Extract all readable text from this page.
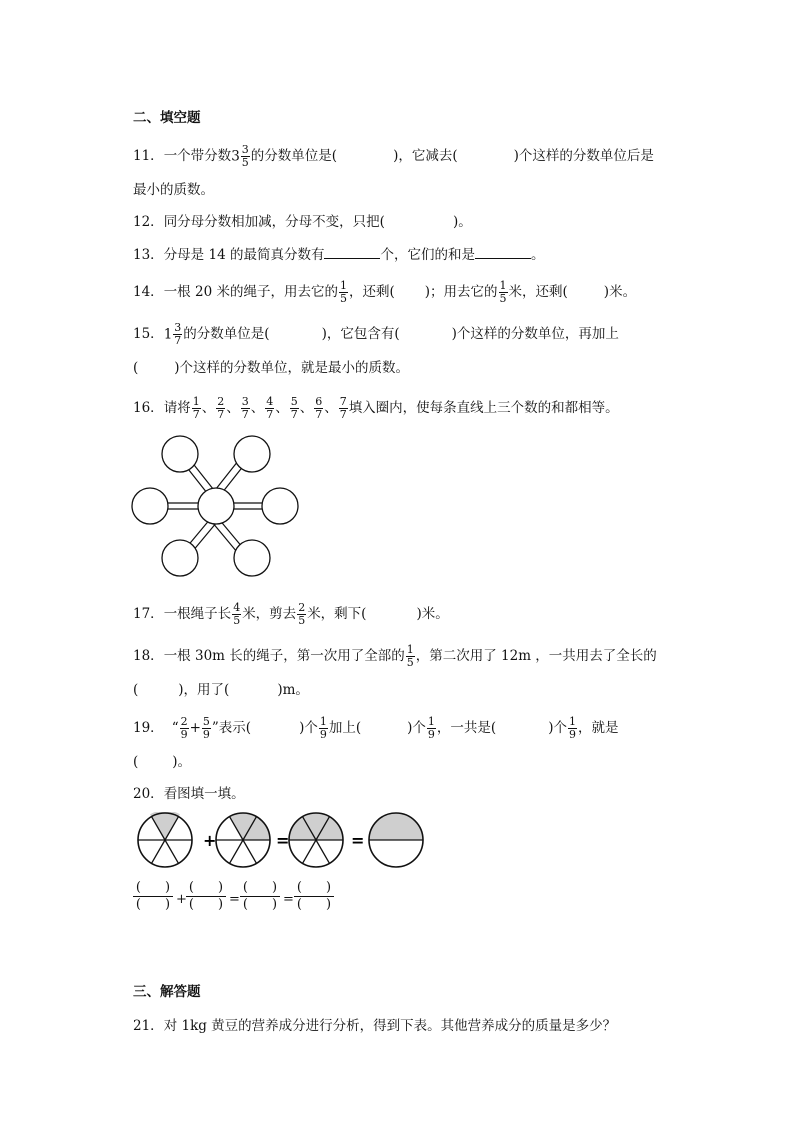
二、填空题
11．一个带分数$3 \frac{3}{5}$ 的分数单位是(	)，它减去(	)个这样的分数单位后是
最小的质数。
12．同分母分数相加减，分母不变，只把(	)。
13．分母是 14 的最简真分数有	个，它们的和是	。
14．一根 20 米的绳子，用去它的 $\frac{1}{5}$ ，还剩( )；用去它的 $\frac{1}{5}$ 米，还剩(	)米。
15．$1 \frac{3}{7}$ 的分数单位是(	)，它包含有(	)个这样的分数单位，再加上
(	)个这样的分数单位，就是最小的质数。
16．请将 $\frac{1}{7}$ 、 $\frac{2}{7}$ 、 $\frac{3}{7}$ 、 $\frac{4}{7}$ 、 $\frac{5}{7}$ 、 $\frac{6}{7}$ 、 $\frac{7}{7}$ 填入圈内，使每条直线上三个数的和都相等。
17．一根绳子长 $\frac{4}{5}$ 米，剪去 $\frac{2}{5}$ 米，剩下(	)米。
18．一根 30m 长的绳子，第一次用了全部的 $\frac{1}{5}$ ，第二次用了 12m ，一共用去了全长的
(	)，用了(	)m。
19． “ $\frac{2}{9} + \frac{5}{9}$ ”表示(	)个 $\frac{1}{9}$ 加上(	)个 $\frac{1}{9}$ ，一共是(	)个 $\frac{1}{9}$ ，就是
(	)。
20．看图填一填。
+	=	=
( )
( ) +
( )
( ) =
( )
( ) =
( )
( )
三、解答题
21．对 1kg 黄豆的营养成分进行分析，得到下表。其他营养成分的质量是多少？
